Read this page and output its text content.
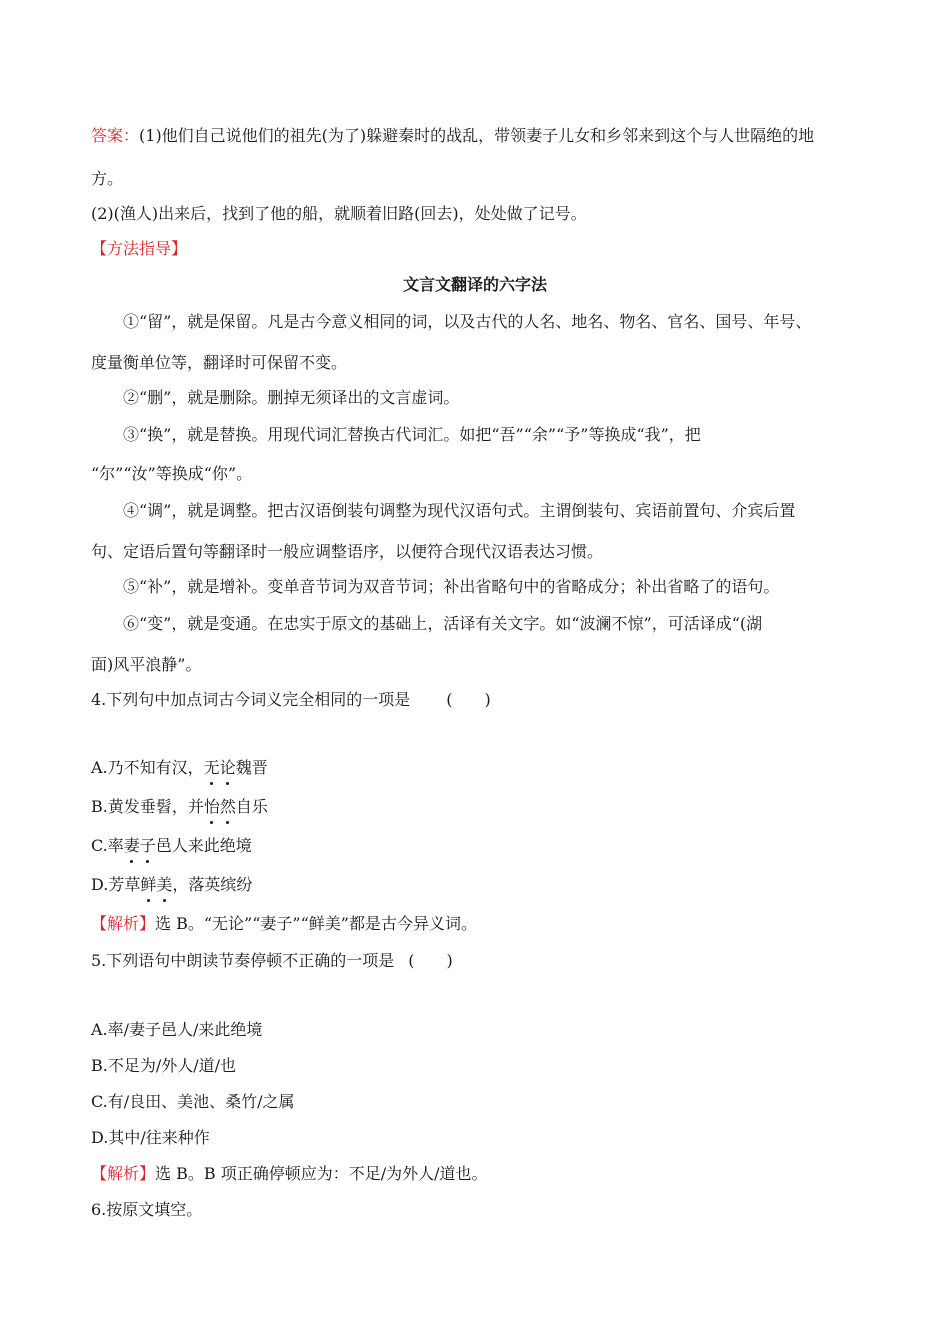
答案：(1)他们自己说他们的祖先(为了)躲避秦时的战乱，带领妻子儿女和乡邻来到这个与人世隔绝的地
方。
(2)(渔人)出来后，找到了他的船，就顺着旧路(回去)，处处做了记号。
【方法指导】
文言文翻译的六字法
①“留”，就是保留。凡是古今意义相同的词，以及古代的人名、地名、物名、官名、国号、年号、
度量衡单位等，翻译时可保留不变。
②“删”，就是删除。删掉无须译出的文言虚词。
③“换”，就是替换。用现代词汇替换古代词汇。如把“吾”“余”“予”等换成“我”，把
“尔”“汝”等换成“你”。
④“调”，就是调整。把古汉语倒装句调整为现代汉语句式。主谓倒装句、宾语前置句、介宾后置
句、定语后置句等翻译时一般应调整语序，以便符合现代汉语表达习惯。
⑤“补”，就是增补。变单音节词为双音节词；补出省略句中的省略成分；补出省略了的语句。
⑥“变”，就是变通。在忠实于原文的基础上，活译有关文字。如“波澜不惊”，可活译成“(湖
面)风平浪静”。
4.下列句中加点词古今词义完全相同的一项是 (　　)
A.乃不知有汉，无论魏晋
B.黄发垂髫，并怡然自乐
C.率妻子邑人来此绝境
D.芳草鲜美，落英缤纷
【解析】选 B。“无论”“妻子”“鲜美”都是古今异义词。
5.下列语句中朗读节奏停顿不正确的一项是 (　　)
A.率/妻子邑人/来此绝境
B.不足为/外人/道/也
C.有/良田、美池、桑竹/之属
D.其中/往来种作
【解析】选 B。B 项正确停顿应为：不足/为外人/道也。
6.按原文填空。
